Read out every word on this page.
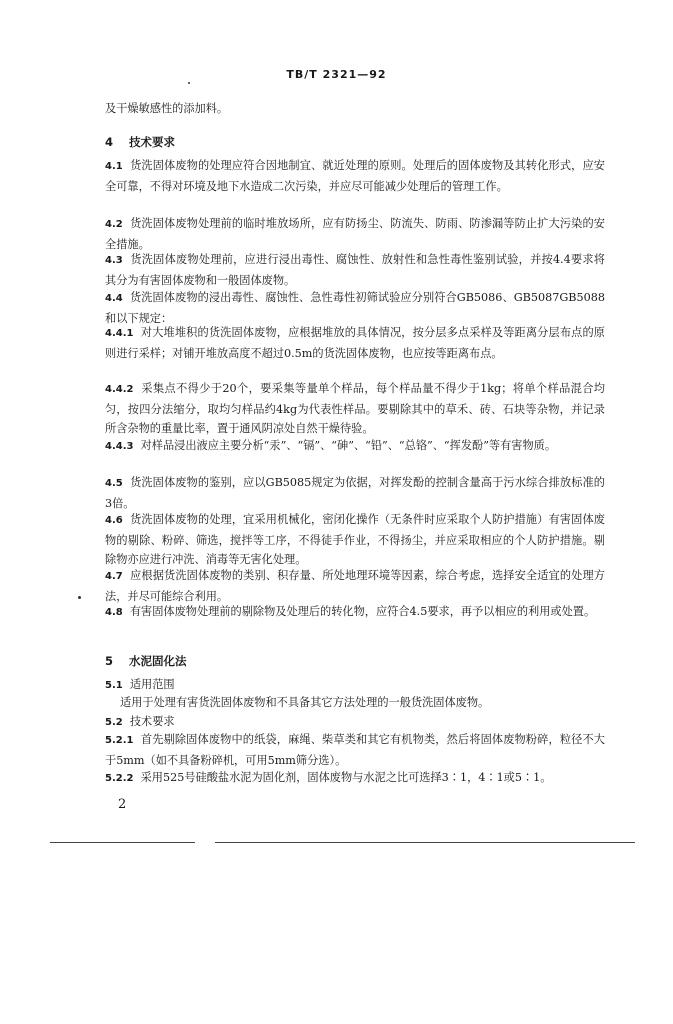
TB/T 2321—92
及干燥敏感性的添加料。
4 技术要求
4.1 货洗固体废物的处理应符合因地制宜、就近处理的原则。处理后的固体废物及其转化形式，应安全可靠，不得对环境及地下水造成二次污染，并应尽可能减少处理后的管理工作。
4.2 货洗固体废物处理前的临时堆放场所，应有防扬尘、防流失、防雨、防渗漏等防止扩大污染的安全措施。
4.3 货洗固体废物处理前，应进行浸出毒性、腐蚀性、放射性和急性毒性鉴别试验，并按4.4要求将其分为有害固体废物和一般固体废物。
4.4 货洗固体废物的浸出毒性、腐蚀性、急性毒性初筛试验应分别符合GB5086、GB5087GB5088和以下规定：
4.4.1 对大堆堆积的货洗固体废物，应根据堆放的具体情况，按分层多点采样及等距离分层布点的原则进行采样；对铺开堆放高度不超过0.5m的货洗固体废物，也应按等距离布点。
4.4.2 采集点不得少于20个，要采集等量单个样品，每个样品量不得少于1kg；将单个样品混合均匀，按四分法缩分，取均匀样品约4kg为代表性样品。要剔除其中的草禾、砖、石块等杂物，并记录所含杂物的重量比率，置于通风阴凉处自然干燥待验。
4.4.3 对样品浸出液应主要分析“汞”、“镉”、“砷”、“铅”、“总铬”、“挥发酚”等有害物质。
4.5 货洗固体废物的鉴别，应以GB5085规定为依据，对挥发酚的控制含量高于污水综合排放标准的3倍。
4.6 货洗固体废物的处理，宜采用机械化，密闭化操作（无条件时应采取个人防护措施）有害固体废物的剔除、粉碎、筛选，搅拌等工序，不得徒手作业，不得扬尘，并应采取相应的个人防护措施。剔除物亦应进行冲洗、消毒等无害化处理。
4.7 应根据货洗固体废物的类别、积存量、所处地理环境等因素，综合考虑，选择安全适宜的处理方法，并尽可能综合利用。
4.8 有害固体废物处理前的剔除物及处理后的转化物，应符合4.5要求，再予以相应的利用或处置。
5 水泥固化法
5.1 适用范围
适用于处理有害货洗固体废物和不具备其它方法处理的一般货洗固体废物。
5.2 技术要求
5.2.1 首先剔除固体废物中的纸袋，麻绳、柴草类和其它有机物类，然后将固体废物粉碎，粒径不大于5mm（如不具备粉碎机，可用5mm筛分选）。
5.2.2 采用525号硅酸盐水泥为固化剂，固体废物与水泥之比可选择3∶1，4∶1或5∶1。
2
